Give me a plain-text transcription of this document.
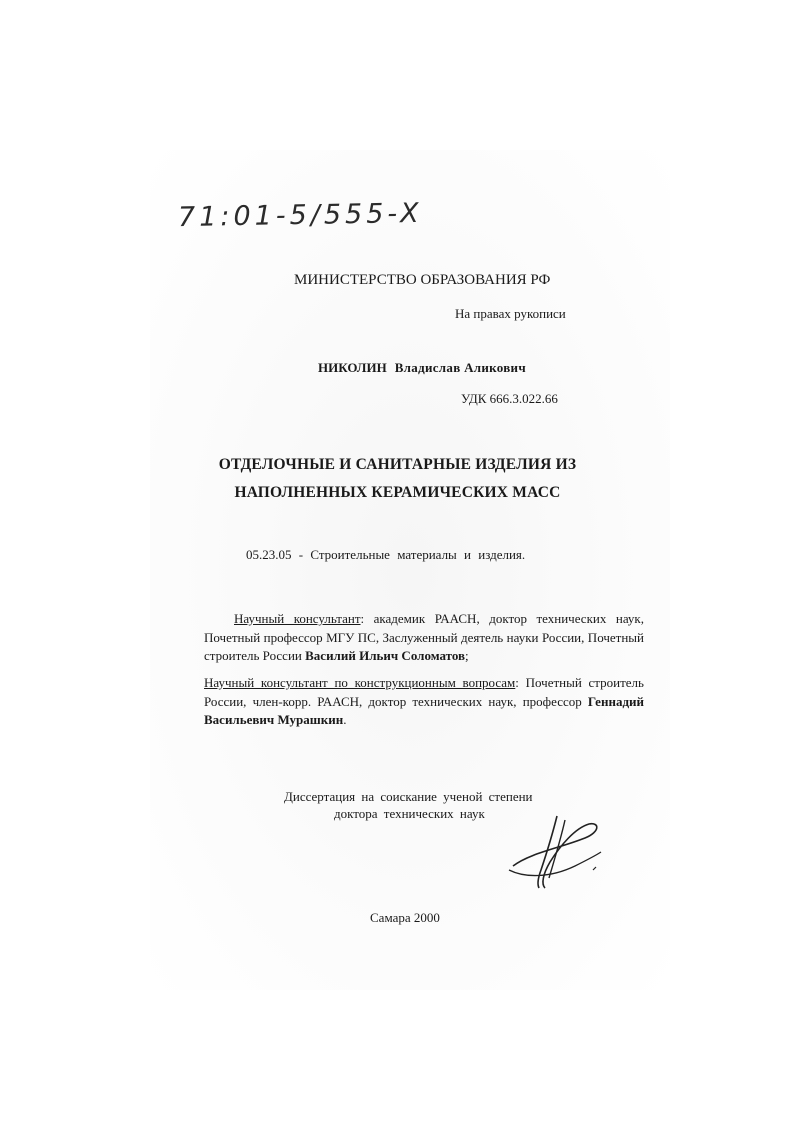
71:01-5/555-X
МИНИСТЕРСТВО ОБРАЗОВАНИЯ РФ
На правах рукописи
НИКОЛИН Владислав Аликович
УДК 666.3.022.66
ОТДЕЛОЧНЫЕ И САНИТАРНЫЕ ИЗДЕЛИЯ ИЗ
НАПОЛНЕННЫХ КЕРАМИЧЕСКИХ МАСС
05.23.05 - Строительные материалы и изделия.
Научный консультант: академик РААСН, доктор технических наук, Почетный профессор МГУ ПС, Заслуженный деятель науки России, Почетный строитель России Василий Ильич Соломатов;
Научный консультант по конструкционным вопросам: Почетный строитель России, член-корр. РААСН, доктор технических наук, профессор Геннадий Васильевич Мурашкин.
Диссертация на соискание ученой степени
доктора технических наук
Самара 2000
